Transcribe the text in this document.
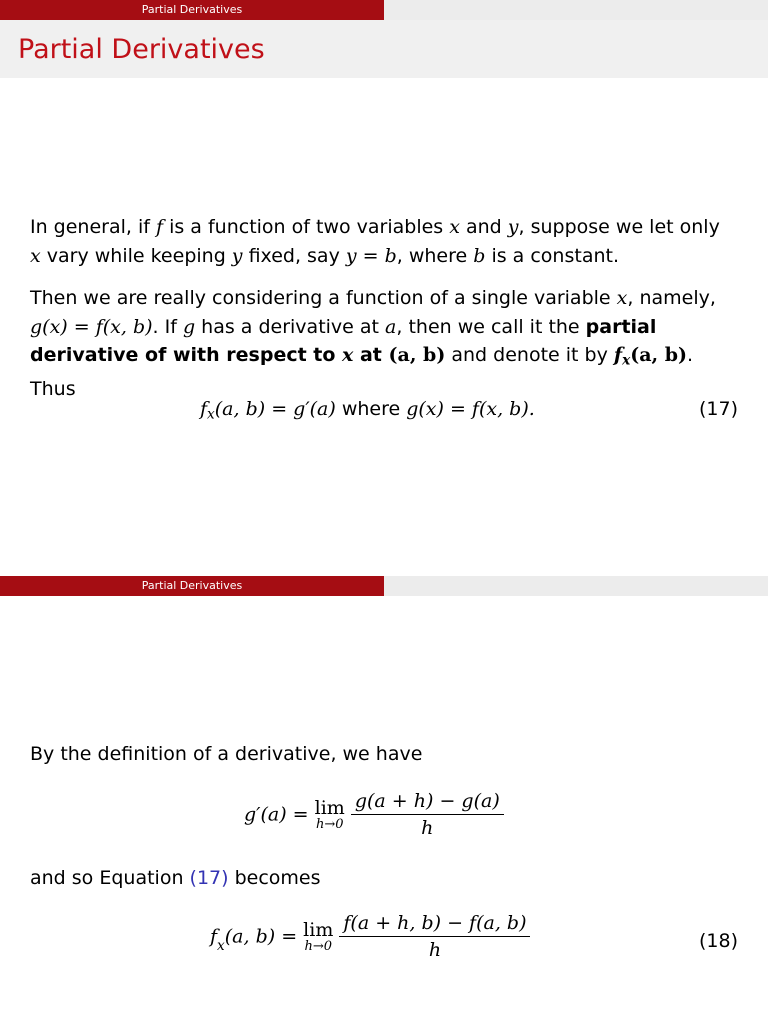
Partial Derivatives
Partial Derivatives
In general, if f is a function of two variables x and y, suppose we let only
x vary while keeping y fixed, say y = b, where b is a constant.
Then we are really considering a function of a single variable x, namely,
g(x) = f(x, b). If g has a derivative at a, then we call it the partial
derivative of with respect to x at (a, b) and denote it by $f_x(a$, b).
Thus
$f_x(a$, b) = g′(a) where g(x) = f(x, b).	(17)
Partial Derivatives
By the definition of a derivative, we have
g′(a) = lim
h→0
$\frac{g(a + h) - g(a)}{h}$
and so Equation (17) becomes
$f_x(a$, b) = lim
h→0
$\frac{f(a + h, b) - f(a, b)}{h}$	(18)
